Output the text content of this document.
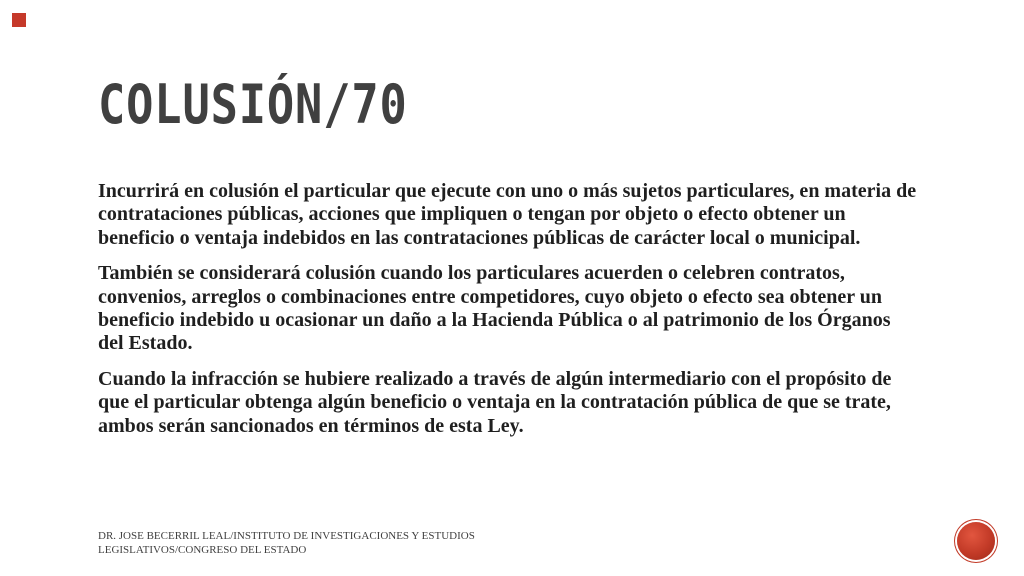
COLUSIÓN/70

Incurrirá en colusión el particular que ejecute con uno o más sujetos particulares, en materia de contrataciones públicas, acciones que impliquen o tengan por objeto o efecto obtener un beneficio o ventaja indebidos en las contrataciones públicas de carácter local o municipal.

También se considerará colusión cuando los particulares acuerden o celebren contratos, convenios, arreglos o combinaciones entre competidores, cuyo objeto o efecto sea obtener un beneficio indebido u ocasionar un daño a la Hacienda Pública o al patrimonio de los Órganos del Estado.

Cuando la infracción se hubiere realizado a través de algún intermediario con el propósito de que el particular obtenga algún beneficio o ventaja en la contratación pública de que se trate, ambos serán sancionados en términos de esta Ley.

DR. JOSE BECERRIL LEAL/INSTITUTO DE INVESTIGACIONES Y ESTUDIOS LEGISLATIVOS/CONGRESO DEL ESTADO
